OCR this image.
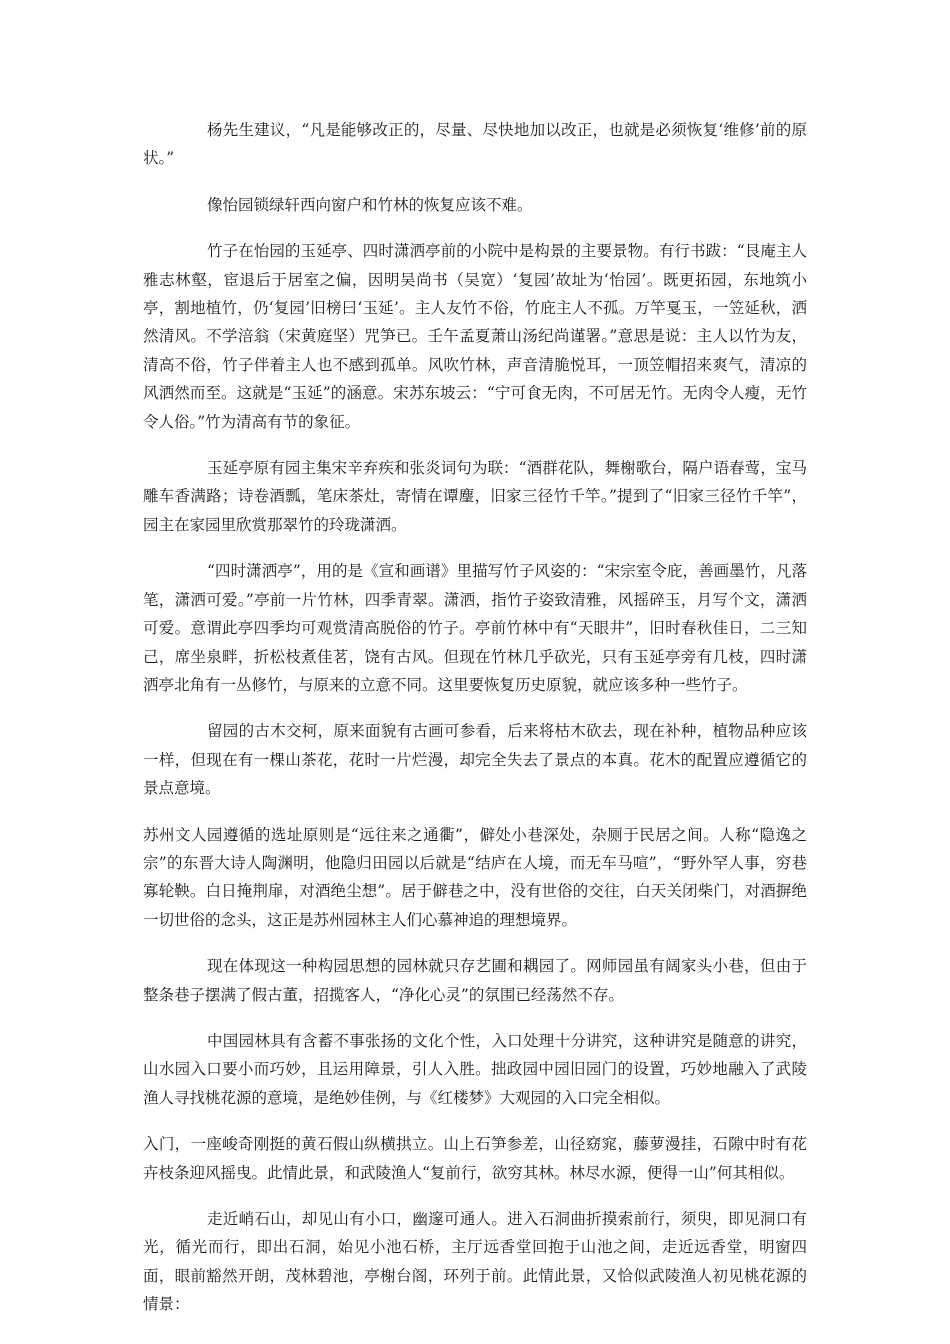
杨先生建议，“凡是能够改正的，尽量、尽快地加以改正，也就是必须恢复‘维修’前的原状。”

像怡园锁绿轩西向窗户和竹林的恢复应该不难。

竹子在怡园的玉延亭、四时潇洒亭前的小院中是构景的主要景物。有行书跋：“艮庵主人雅志林壑，宦退后于居室之偏，因明吴尚书（吴宽）‘复园’故址为‘怡园’。既更拓园，东地筑小亭，割地植竹，仍‘复园’旧榜曰‘玉延’。主人友竹不俗，竹庇主人不孤。万竿戛玉，一笠延秋，洒然清风。不学涪翁（宋黄庭坚）咒笋已。壬午孟夏萧山汤纪尚谨署。”意思是说：主人以竹为友，清高不俗，竹子伴着主人也不感到孤单。风吹竹林，声音清脆悦耳，一顶笠帽招来爽气，清凉的风洒然而至。这就是“玉延”的涵意。宋苏东坡云：“宁可食无肉，不可居无竹。无肉令人瘦，无竹令人俗。”竹为清高有节的象征。

玉延亭原有园主集宋辛弃疾和张炎词句为联：“酒群花队，舞榭歌台，隔户语春莺，宝马雕车香满路；诗卷酒瓢，笔床茶灶，寄情在谭麈，旧家三径竹千竿。”提到了“旧家三径竹千竿”，园主在家园里欣赏那翠竹的玲珑潇洒。

“四时潇洒亭”，用的是《宣和画谱》里描写竹子风姿的：“宋宗室令庇，善画墨竹，凡落笔，潇洒可爱。”亭前一片竹林，四季青翠。潇洒，指竹子姿致清雅，风摇碎玉，月写个文，潇洒可爱。意谓此亭四季均可观赏清高脱俗的竹子。亭前竹林中有“天眼井”，旧时春秋佳日，二三知己，席坐泉畔，折松枝煮佳茗，饶有古风。但现在竹林几乎砍光，只有玉延亭旁有几枝，四时潇洒亭北角有一丛修竹，与原来的立意不同。这里要恢复历史原貌，就应该多种一些竹子。

留园的古木交柯，原来面貌有古画可参看，后来将枯木砍去，现在补种，植物品种应该一样，但现在有一棵山茶花，花时一片烂漫，却完全失去了景点的本真。花木的配置应遵循它的景点意境。

苏州文人园遵循的选址原则是“远往来之通衢”，僻处小巷深处，杂厕于民居之间。人称“隐逸之宗”的东晋大诗人陶渊明，他隐归田园以后就是“结庐在人境，而无车马喧”，“野外罕人事，穷巷寡轮鞅。白日掩荆扉，对酒绝尘想”。居于僻巷之中，没有世俗的交往，白天关闭柴门，对酒摒绝一切世俗的念头，这正是苏州园林主人们心慕神追的理想境界。

现在体现这一种构园思想的园林就只存艺圃和耦园了。网师园虽有阔家头小巷，但由于整条巷子摆满了假古董，招揽客人，“净化心灵”的氛围已经荡然不存。

中国园林具有含蓄不事张扬的文化个性，入口处理十分讲究，这种讲究是随意的讲究，山水园入口要小而巧妙，且运用障景，引人入胜。拙政园中园旧园门的设置，巧妙地融入了武陵渔人寻找桃花源的意境，是绝妙佳例，与《红楼梦》大观园的入口完全相似。

入门，一座峻奇刚挺的黄石假山纵横拱立。山上石笋参差，山径窈窕，藤萝漫挂，石隙中时有花卉枝条迎风摇曳。此情此景，和武陵渔人“复前行，欲穷其林。林尽水源，便得一山”何其相似。

走近峭石山，却见山有小口，幽邃可通人。进入石洞曲折摸索前行，须臾，即见洞口有光，循光而行，即出石洞，始见小池石桥，主厅远香堂回抱于山池之间，走近远香堂，明窗四面，眼前豁然开朗，茂林碧池，亭榭台阁，环列于前。此情此景，又恰似武陵渔人初见桃花源的情景：
